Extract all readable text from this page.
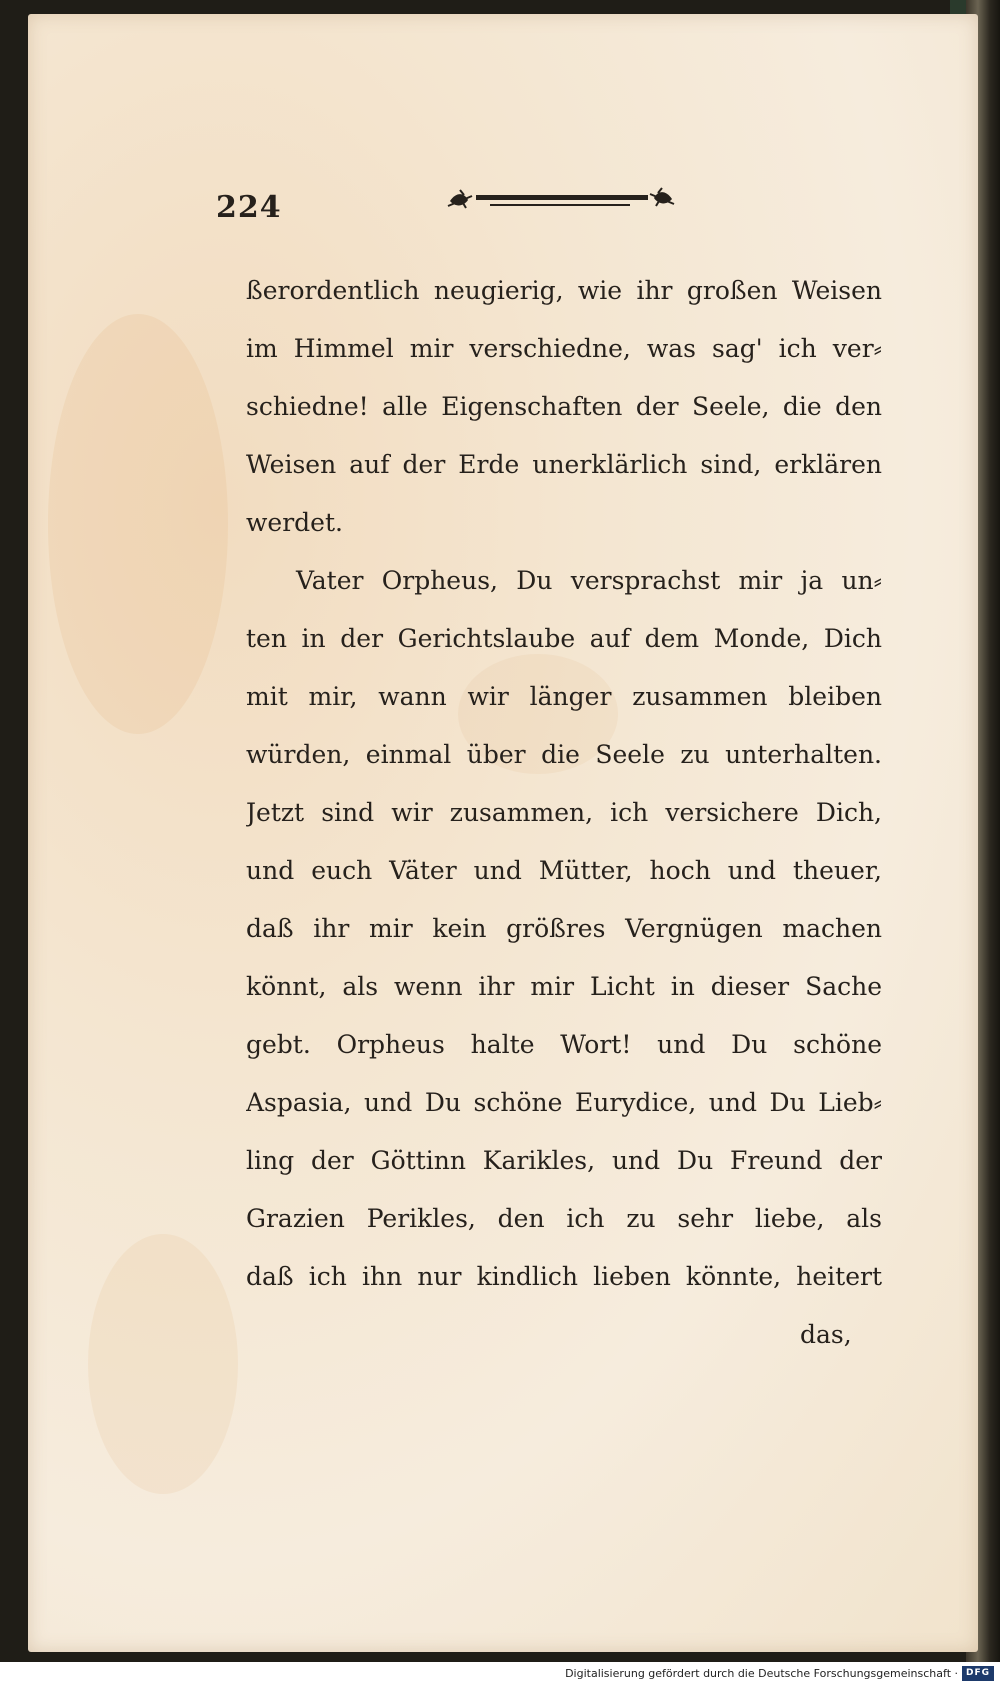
224

ßerordentlich neugierig, wie ihr großen Weisen
im Himmel mir verschiedne, was sag' ich ver⸗
schiedne! alle Eigenschaften der Seele, die den
Weisen auf der Erde unerklärlich sind, erklären
werdet.
Vater Orpheus, Du versprachst mir ja un⸗
ten in der Gerichtslaube auf dem Monde, Dich
mit mir, wann wir länger zusammen bleiben
würden, einmal über die Seele zu unterhalten.
Jetzt sind wir zusammen, ich versichere Dich,
und euch Väter und Mütter, hoch und theuer,
daß ihr mir kein größres Vergnügen machen
könnt, als wenn ihr mir Licht in dieser Sache
gebt. Orpheus halte Wort! und Du schöne
Aspasia, und Du schöne Eurydice, und Du Lieb⸗
ling der Göttinn Karikles, und Du Freund der
Grazien Perikles, den ich zu sehr liebe, als
daß ich ihn nur kindlich lieben könnte, heitert

das,

Digitalisierung gefördert durch die Deutsche Forschungsgemeinschaft · DFG
